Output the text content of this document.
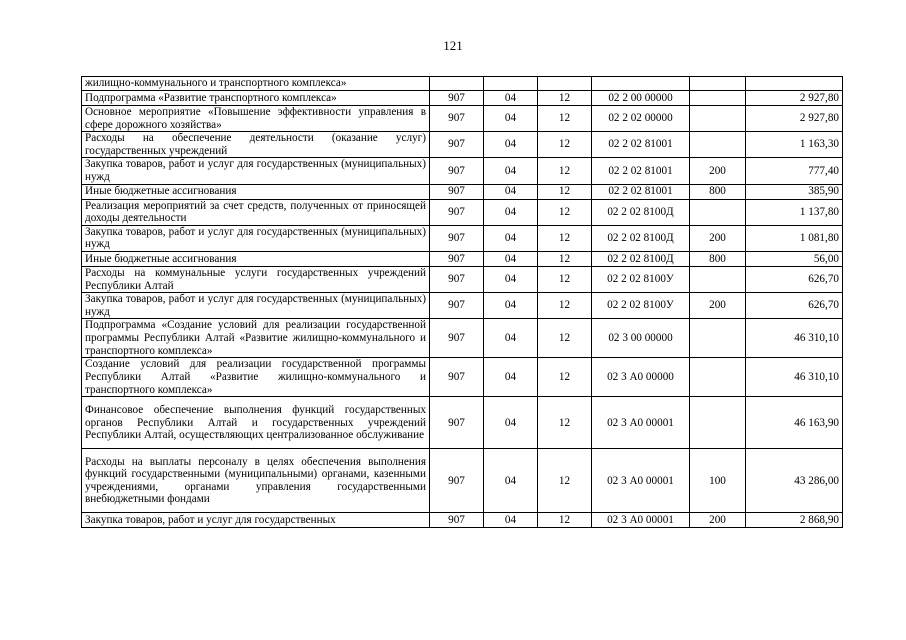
121
жилищно-коммунального и транспортного комплекса»						
Подпрограмма «Развитие транспортного комплекса»	907	04	12	02 2 00 00000		2 927,80
Основное мероприятие «Повышение эффективности управления в сфере дорожного хозяйства»	907	04	12	02 2 02 00000		2 927,80
Расходы на обеспечение деятельности (оказание услуг) государственных учреждений	907	04	12	02 2 02 81001		1 163,30
Закупка товаров, работ и услуг для государственных (муниципальных) нужд	907	04	12	02 2 02 81001	200	777,40
Иные бюджетные ассигнования	907	04	12	02 2 02 81001	800	385,90
Реализация мероприятий за счет средств, полученных от приносящей доходы деятельности	907	04	12	02 2 02 8100Д		1 137,80
Закупка товаров, работ и услуг для государственных (муниципальных) нужд	907	04	12	02 2 02 8100Д	200	1 081,80
Иные бюджетные ассигнования	907	04	12	02 2 02 8100Д	800	56,00
Расходы на коммунальные услуги государственных учреждений Республики Алтай	907	04	12	02 2 02 8100У		626,70
Закупка товаров, работ и услуг для государственных (муниципальных) нужд	907	04	12	02 2 02 8100У	200	626,70
Подпрограмма «Создание условий для реализации государственной программы Республики Алтай «Развитие жилищно-коммунального и транспортного комплекса»	907	04	12	02 3 00 00000		46 310,10
Создание условий для реализации государственной программы Республики Алтай «Развитие жилищно-коммунального и транспортного комплекса»	907	04	12	02 3 А0 00000		46 310,10
Финансовое обеспечение выполнения функций государственных органов Республики Алтай и государственных учреждений Республики Алтай, осуществляющих централизованное обслуживание	907	04	12	02 3 А0 00001		46 163,90
Расходы на выплаты персоналу в целях обеспечения выполнения функций государственными (муниципальными) органами, казенными учреждениями, органами управления государственными внебюджетными фондами	907	04	12	02 3 А0 00001	100	43 286,00
Закупка товаров, работ и услуг для государственных	907	04	12	02 3 А0 00001	200	2 868,90
